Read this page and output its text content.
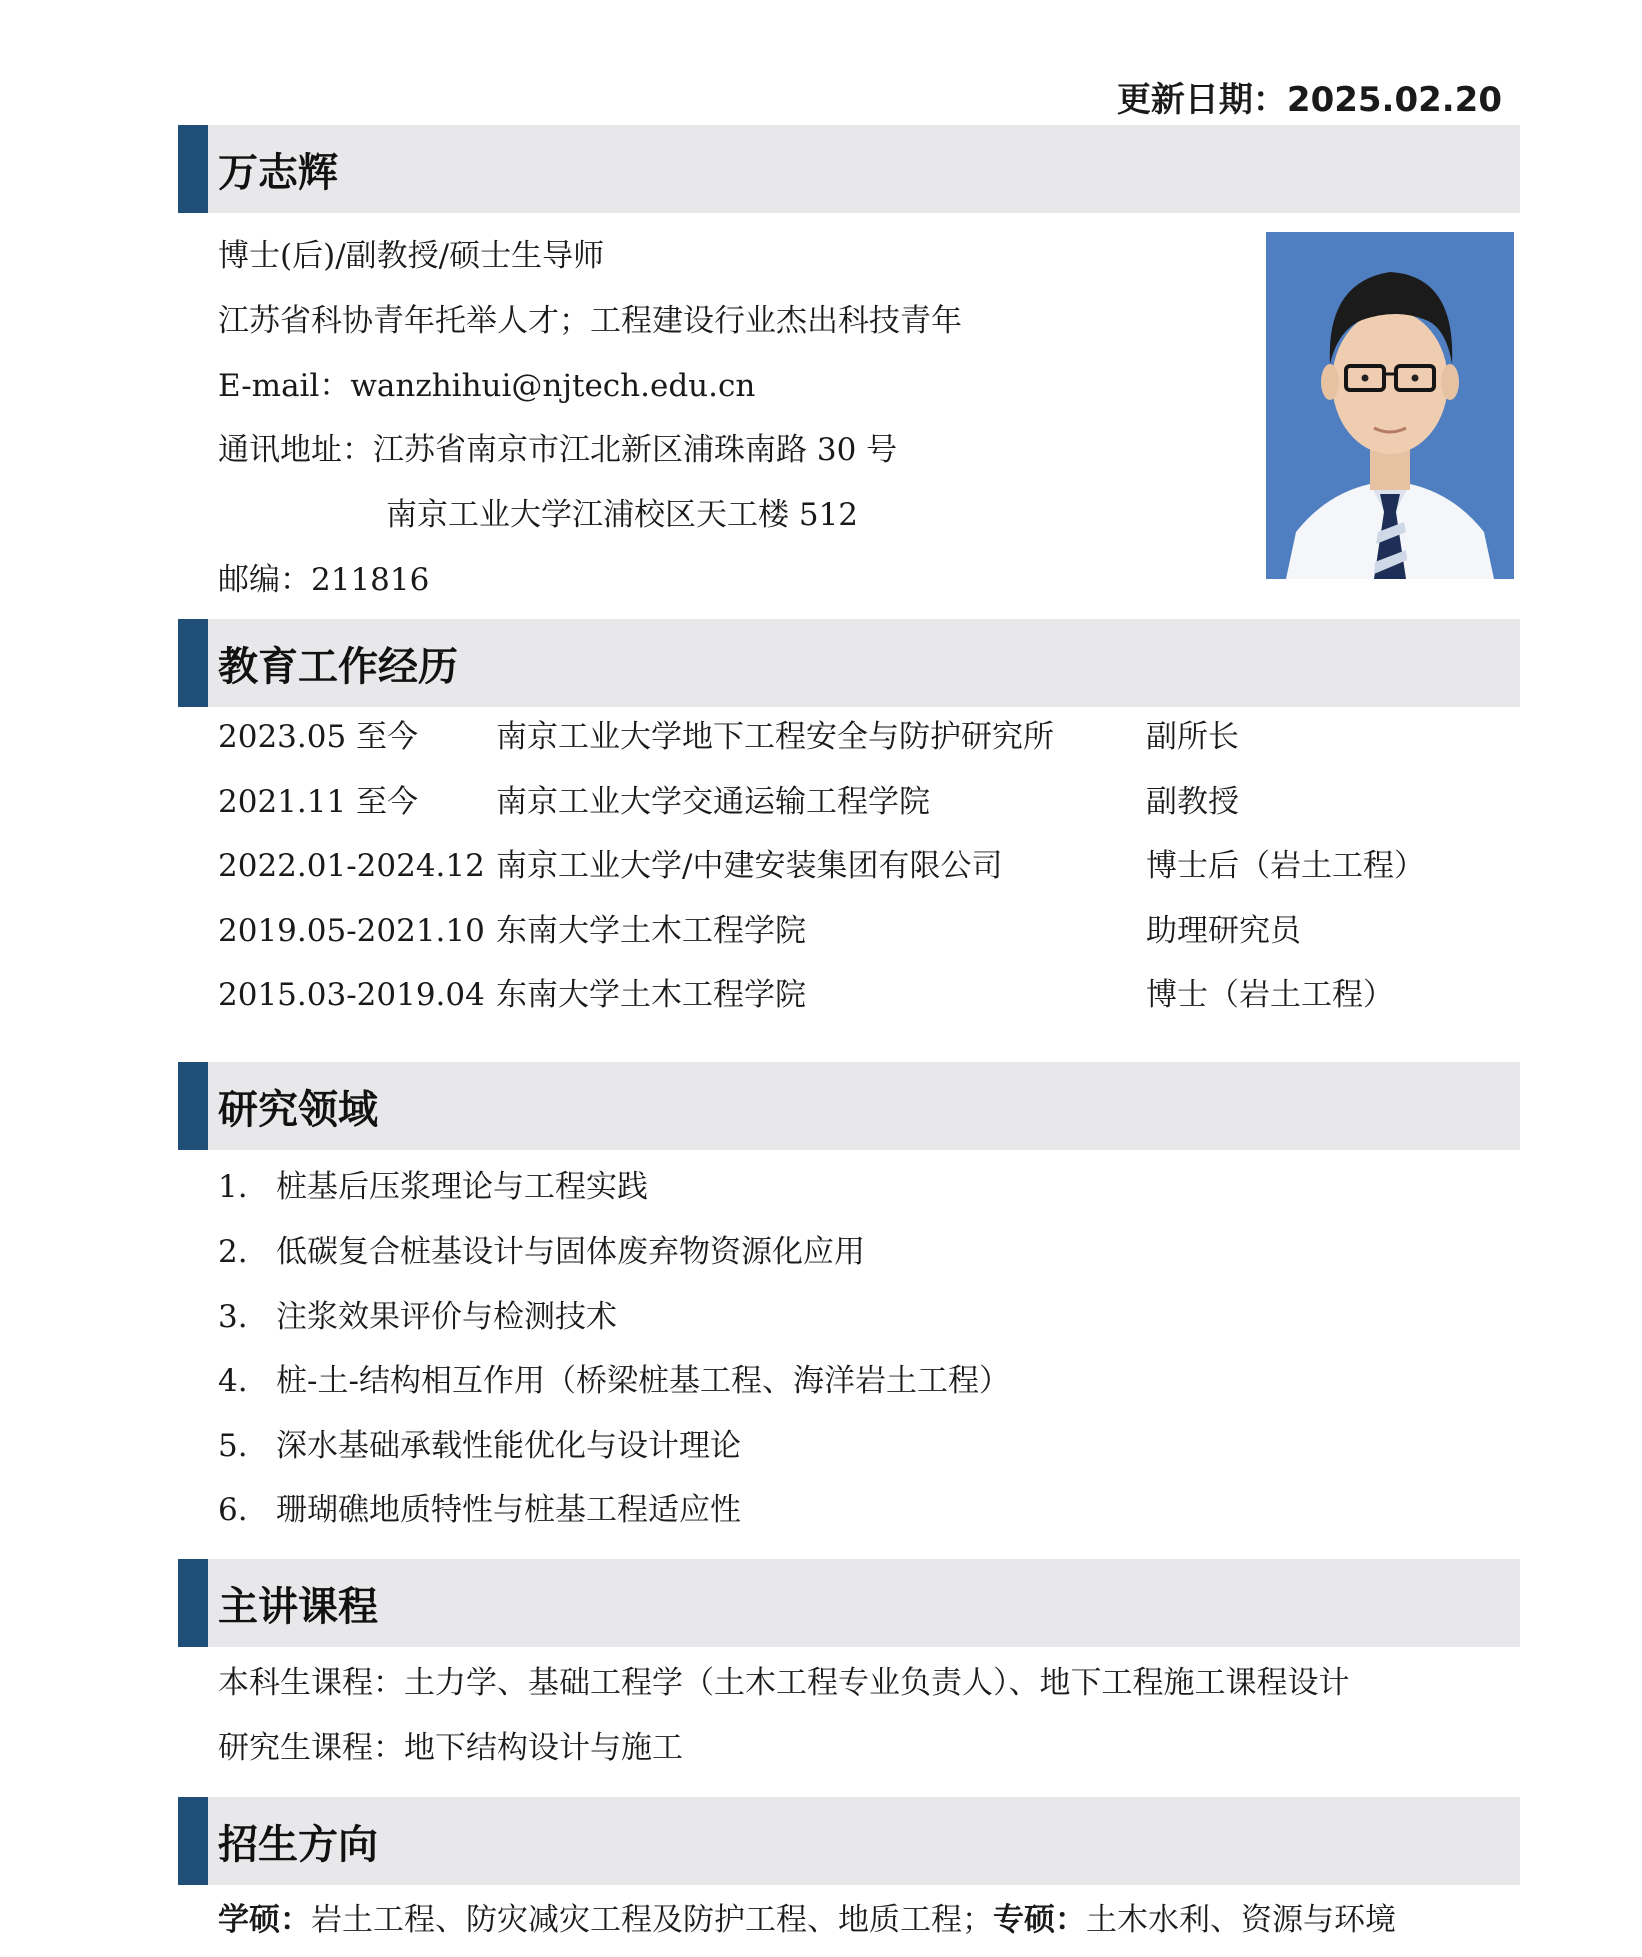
更新日期：2025.02.20
万志辉
博士(后)/副教授/硕士生导师
江苏省科协青年托举人才；工程建设行业杰出科技青年
E-mail：wanzhihui@njtech.edu.cn
通讯地址：江苏省南京市江北新区浦珠南路 30 号
南京工业大学江浦校区天工楼 512
邮编：211816
教育工作经历
2023.05 至今	南京工业大学地下工程安全与防护研究所	副所长
2021.11 至今	南京工业大学交通运输工程学院	副教授
2022.01-2024.12 南京工业大学/中建安装集团有限公司	博士后（岩土工程）
2019.05-2021.10 东南大学土木工程学院	助理研究员
2015.03-2019.04 东南大学土木工程学院	博士（岩土工程）
研究领域
1. 桩基后压浆理论与工程实践
2. 低碳复合桩基设计与固体废弃物资源化应用
3. 注浆效果评价与检测技术
4. 桩-土-结构相互作用（桥梁桩基工程、海洋岩土工程）
5. 深水基础承载性能优化与设计理论
6. 珊瑚礁地质特性与桩基工程适应性
主讲课程
本科生课程：土力学、基础工程学（土木工程专业负责人）、地下工程施工课程设计
研究生课程：地下结构设计与施工
招生方向
学硕：岩土工程、防灾减灾工程及防护工程、地质工程；专硕：土木水利、资源与环境
